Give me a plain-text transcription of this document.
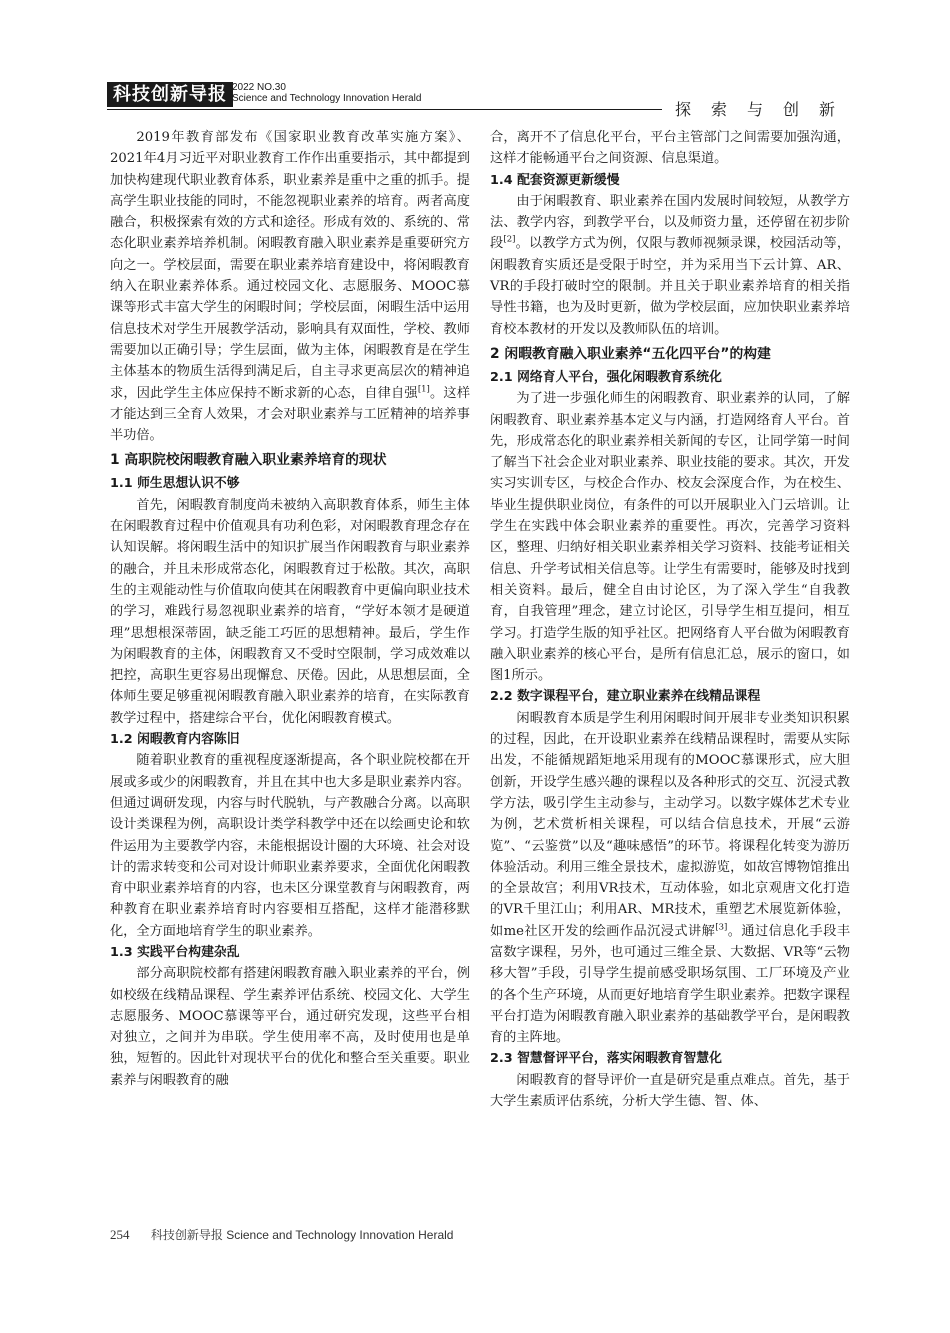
科技创新导报 2022 NO.30
Science and Technology Innovation Herald
探索与创新

2019年教育部发布《国家职业教育改革实施方案》、2021年4月习近平对职业教育工作作出重要指示，其中都提到加快构建现代职业教育体系，职业素养是重中之重的抓手。提高学生职业技能的同时，不能忽视职业素养的培育。两者高度融合，积极探索有效的方式和途径。形成有效的、系统的、常态化职业素养培养机制。闲暇教育融入职业素养是重要研究方向之一。学校层面，需要在职业素养培育建设中，将闲暇教育纳入在职业素养体系。通过校园文化、志愿服务、MOOC慕课等形式丰富大学生的闲暇时间；学校层面，闲暇生活中运用信息技术对学生开展教学活动，影响具有双面性，学校、教师需要加以正确引导；学生层面，做为主体，闲暇教育是在学生主体基本的物质生活得到满足后，自主寻求更高层次的精神追求，因此学生主体应保持不断求新的心态，自律自强[1]。这样才能达到三全育人效果，才会对职业素养与工匠精神的培养事半功倍。

1 高职院校闲暇教育融入职业素养培育的现状
1.1 师生思想认识不够

首先，闲暇教育制度尚未被纳入高职教育体系，师生主体在闲暇教育过程中价值观具有功利色彩，对闲暇教育理念存在认知误解。将闲暇生活中的知识扩展当作闲暇教育与职业素养的融合，并且未形成常态化，闲暇教育过于松散。其次，高职生的主观能动性与价值取向使其在闲暇教育中更偏向职业技术的学习，难践行易忽视职业素养的培育，“学好本领才是硬道理”思想根深蒂固，缺乏能工巧匠的思想精神。最后，学生作为闲暇教育的主体，闲暇教育又不受时空限制，学习成效难以把控，高职生更容易出现懈怠、厌倦。因此，从思想层面，全体师生要足够重视闲暇教育融入职业素养的培育，在实际教育教学过程中，搭建综合平台，优化闲暇教育模式。

1.2 闲暇教育内容陈旧

随着职业教育的重视程度逐渐提高，各个职业院校都在开展或多或少的闲暇教育，并且在其中也大多是职业素养内容。但通过调研发现，内容与时代脱轨，与产教融合分离。以高职设计类课程为例，高职设计类学科教学中还在以绘画史论和软件运用为主要教学内容，未能根据设计圈的大环境、社会对设计的需求转变和公司对设计师职业素养要求，全面优化闲暇教育中职业素养培育的内容，也未区分课堂教育与闲暇教育，两种教育在职业素养培育时内容要相互搭配，这样才能潜移默化，全方面地培育学生的职业素养。

1.3 实践平台构建杂乱

部分高职院校都有搭建闲暇教育融入职业素养的平台，例如校级在线精品课程、学生素养评估系统、校园文化、大学生志愿服务、MOOC慕课等平台，通过研究发现，这些平台相对独立，之间并为串联。学生使用率不高，及时使用也是单独，短暂的。因此针对现状平台的优化和整合至关重要。职业素养与闲暇教育的融

合，离开不了信息化平台，平台主管部门之间需要加强沟通，这样才能畅通平台之间资源、信息渠道。

1.4 配套资源更新缓慢

由于闲暇教育、职业素养在国内发展时间较短，从教学方法、教学内容，到教学平台，以及师资力量，还停留在初步阶段[2]。以教学方式为例，仅限与教师视频录课，校园活动等，闲暇教育实质还是受限于时空，并为采用当下云计算、AR、VR的手段打破时空的限制。并且关于职业素养培育的相关指导性书籍，也为及时更新，做为学校层面，应加快职业素养培育校本教材的开发以及教师队伍的培训。

2 闲暇教育融入职业素养“五化四平台”的构建
2.1 网络育人平台，强化闲暇教育系统化

为了进一步强化师生的闲暇教育、职业素养的认同，了解闲暇教育、职业素养基本定义与内涵，打造网络育人平台。首先，形成常态化的职业素养相关新闻的专区，让同学第一时间了解当下社会企业对职业素养、职业技能的要求。其次，开发实习实训专区，与校企合作办、校友会深度合作，为在校生、毕业生提供职业岗位，有条件的可以开展职业入门云培训。让学生在实践中体会职业素养的重要性。再次，完善学习资料区，整理、归纳好相关职业素养相关学习资料、技能考证相关信息、升学考试相关信息等。让学生有需要时，能够及时找到相关资料。最后，健全自由讨论区，为了深入学生“自我教育，自我管理”理念，建立讨论区，引导学生相互提问，相互学习。打造学生版的知乎社区。把网络育人平台做为闲暇教育融入职业素养的核心平台，是所有信息汇总，展示的窗口，如图1所示。

2.2 数字课程平台，建立职业素养在线精品课程

闲暇教育本质是学生利用闲暇时间开展非专业类知识积累的过程，因此，在开设职业素养在线精品课程时，需要从实际出发，不能循规蹈矩地采用现有的MOOC慕课形式，应大胆创新，开设学生感兴趣的课程以及各种形式的交互、沉浸式教学方法，吸引学生主动参与，主动学习。以数字媒体艺术专业为例，艺术赏析相关课程，可以结合信息技术，开展“云游览”、“云鉴赏”以及“趣味感悟”的环节。将课程化转变为游历体验活动。利用三维全景技术，虚拟游览，如故宫博物馆推出的全景故宫；利用VR技术，互动体验，如北京观唐文化打造的VR千里江山；利用AR、MR技术，重塑艺术展览新体验，如me社区开发的绘画作品沉浸式讲解[3]。通过信息化手段丰富数字课程，另外，也可通过三维全景、大数据、VR等“云物移大智”手段，引导学生提前感受职场氛围、工厂环境及产业的各个生产环境，从而更好地培育学生职业素养。把数字课程平台打造为闲暇教育融入职业素养的基础教学平台，是闲暇教育的主阵地。

2.3 智慧督评平台，落实闲暇教育智慧化

闲暇教育的督导评价一直是研究是重点难点。首先，基于大学生素质评估系统，分析大学生德、智、体、

254 科技创新导报 Science and Technology Innovation Herald
